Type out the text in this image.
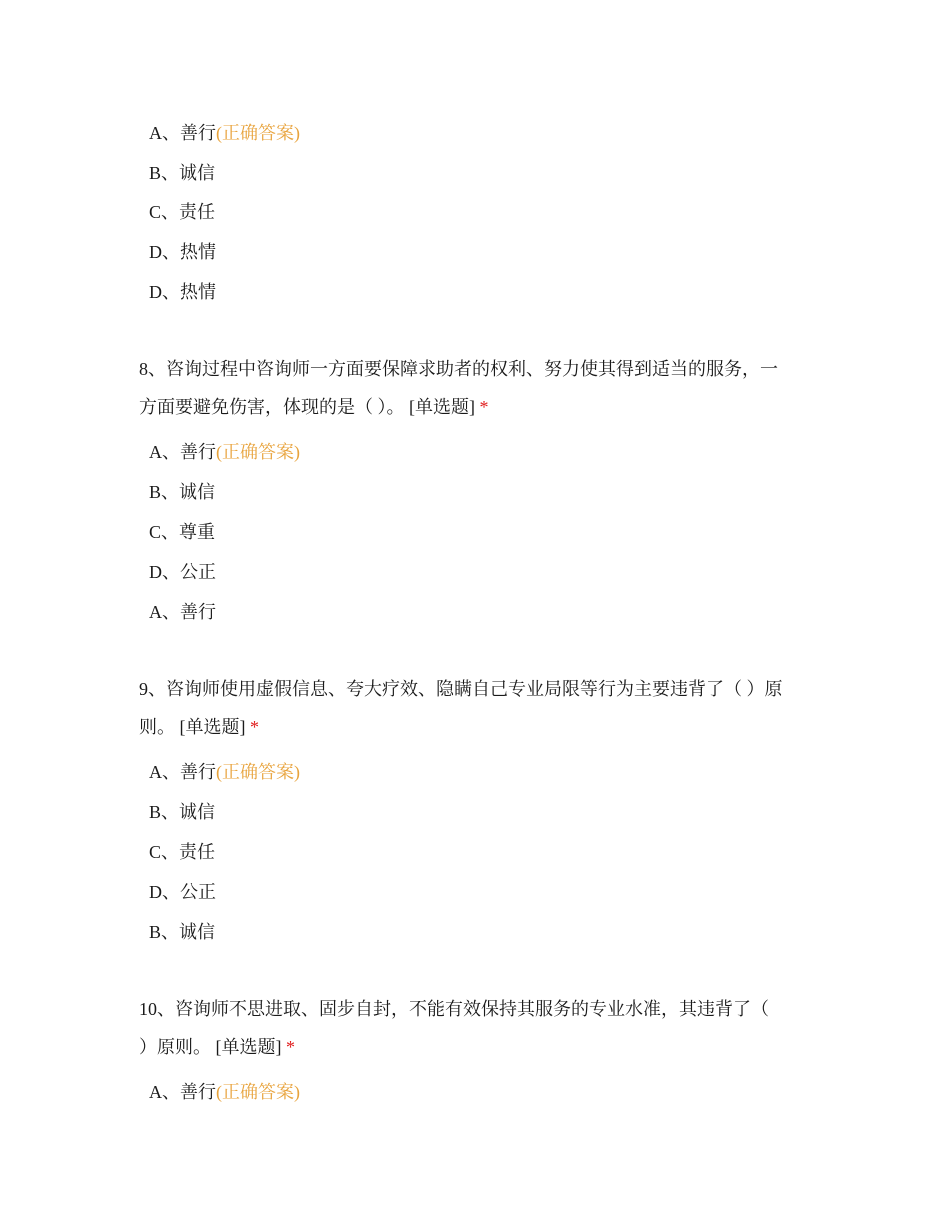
A、善行(正确答案)
B、诚信
C、责任
D、热情
D、热情
8、咨询过程中咨询师一方面要保障求助者的权利、努力使其得到适当的服务，一
方面要避免伤害，体现的是（ ）。 [单选题] *
A、善行(正确答案)
B、诚信
C、尊重
D、公正
A、善行
9、咨询师使用虚假信息、夸大疗效、隐瞒自己专业局限等行为主要违背了（ ）原
则。 [单选题] *
A、善行(正确答案)
B、诚信
C、责任
D、公正
B、诚信
10、咨询师不思进取、固步自封，不能有效保持其服务的专业水准，其违背了（
）原则。 [单选题] *
A、善行(正确答案)
